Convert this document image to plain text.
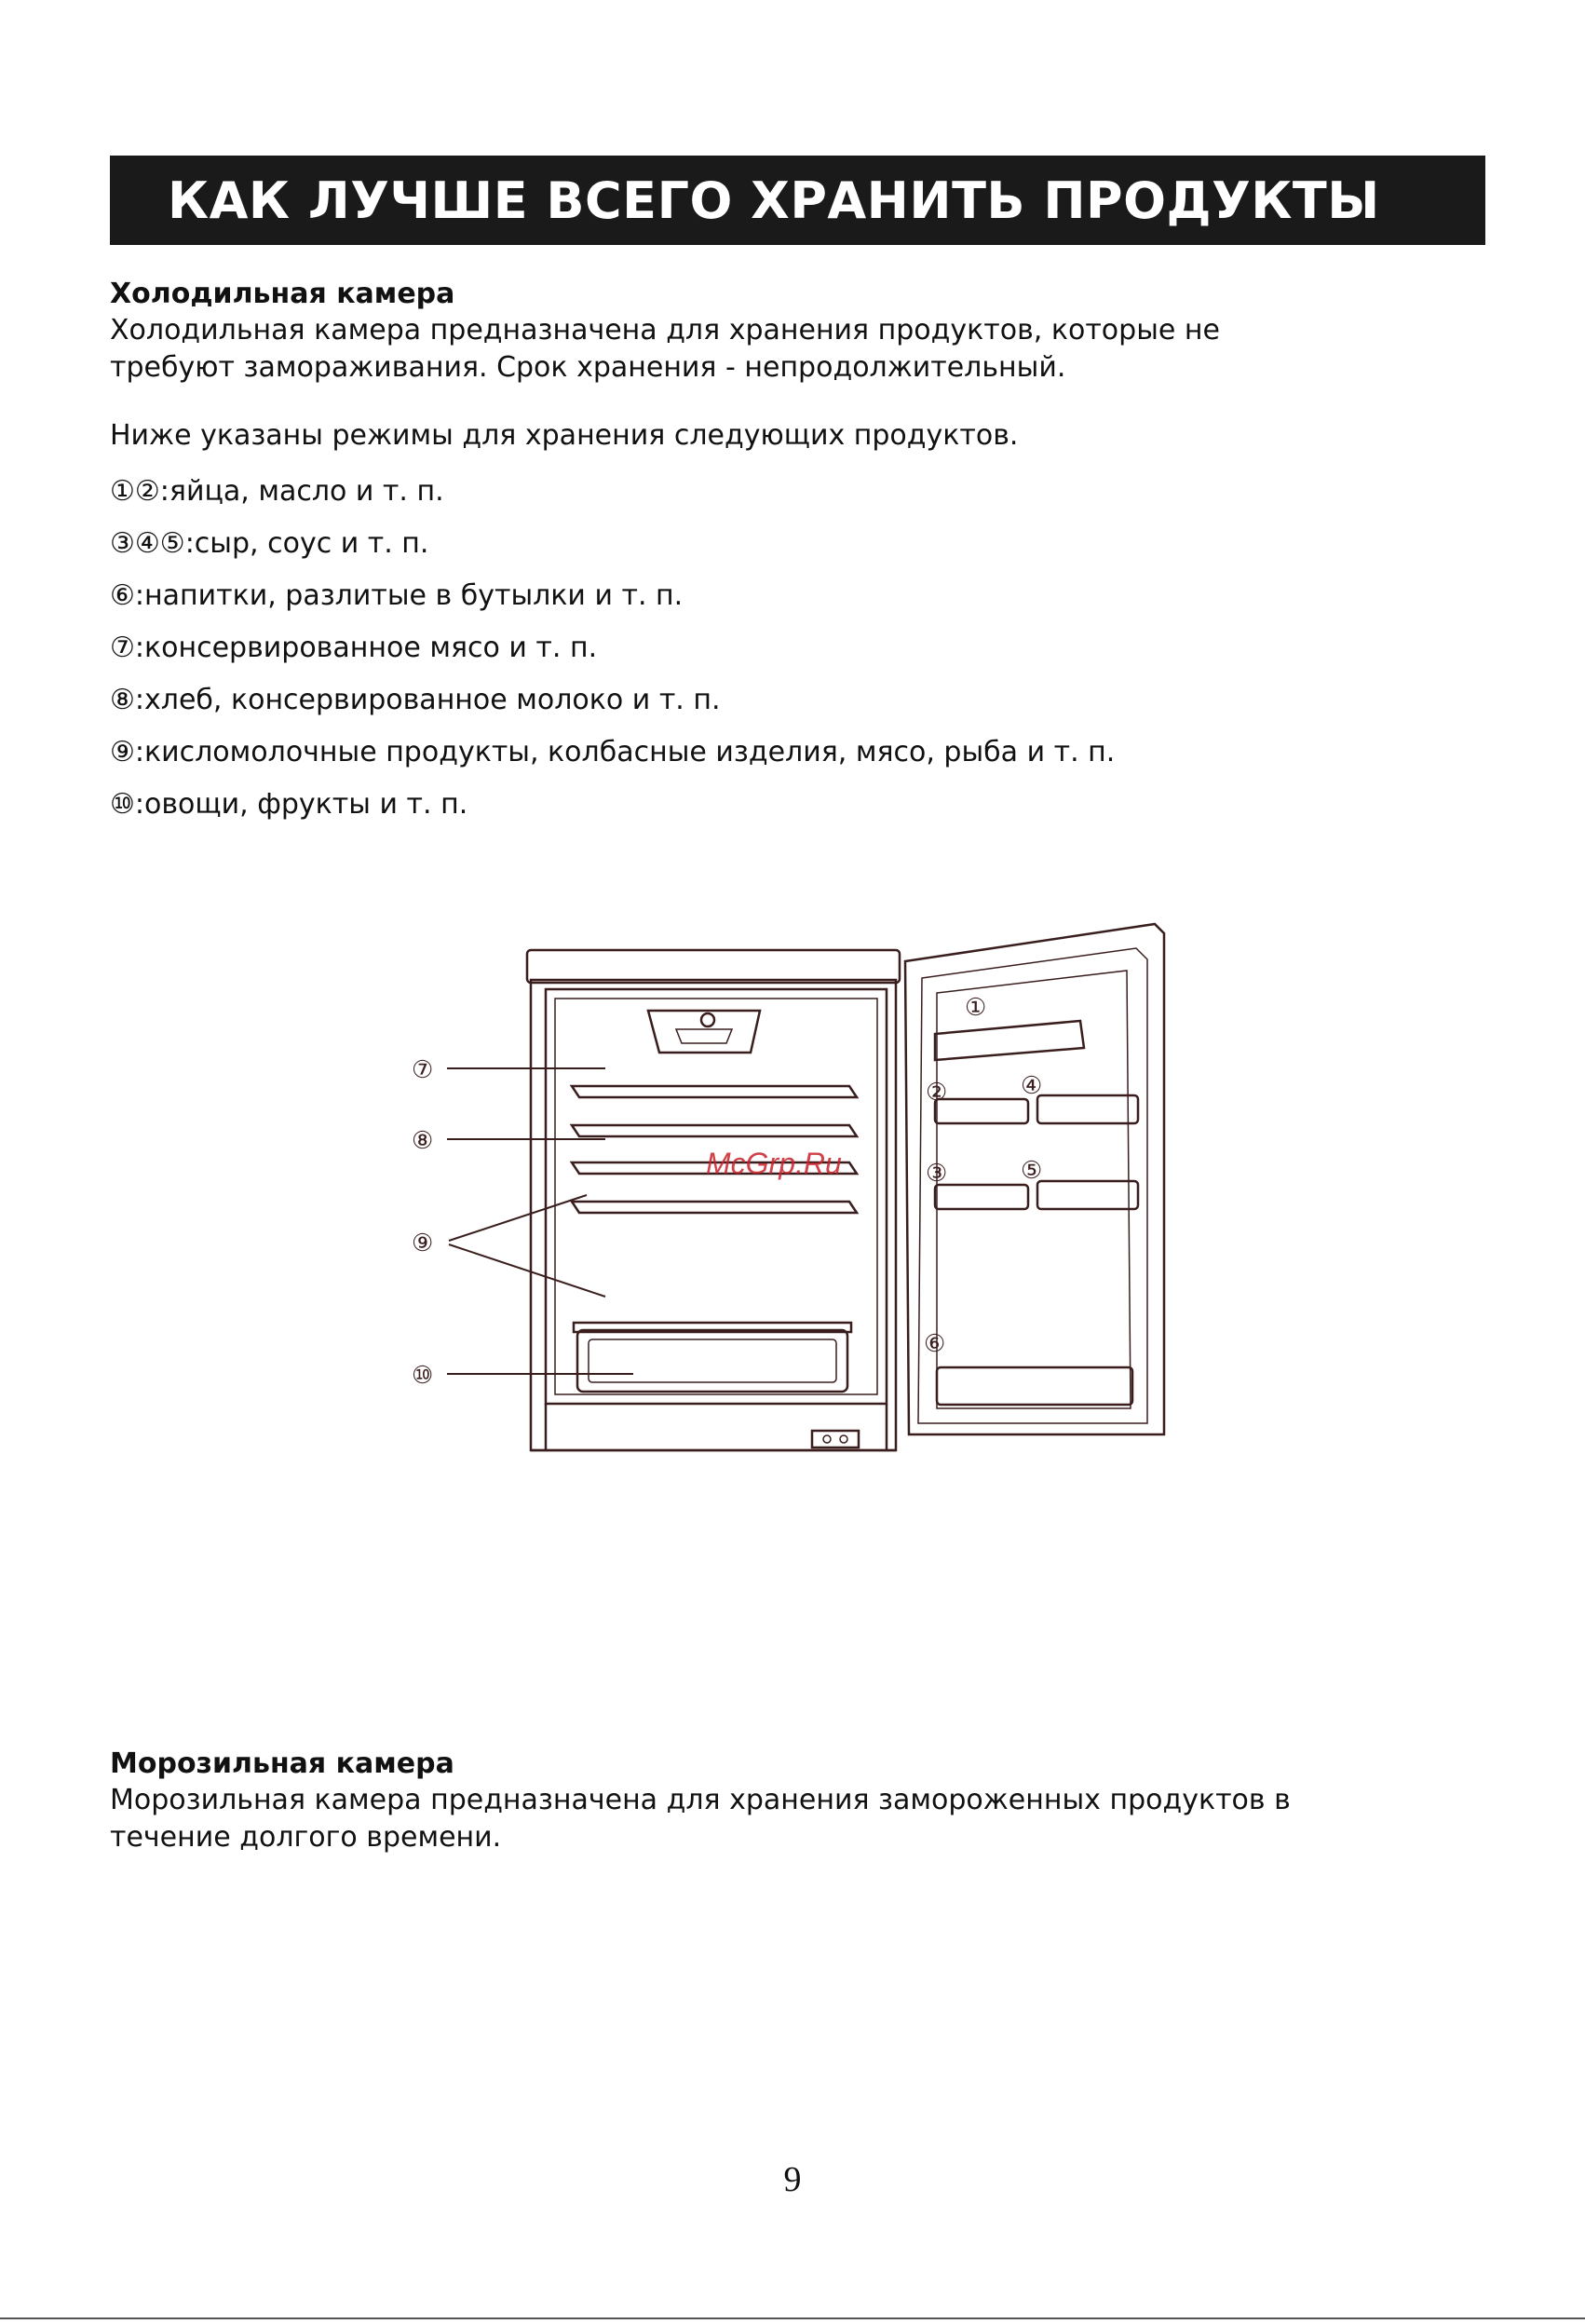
КАК ЛУЧШЕ ВСЕГО ХРАНИТЬ ПРОДУКТЫ
Холодильная камера
Холодильная камера предназначена для хранения продуктов, которые не
требуют замораживания. Срок хранения - непродолжительный.
Ниже указаны режимы для хранения следующих продуктов.
①②:яйца, масло и т. п.
③④⑤:сыр, соус и т. п.
⑥:напитки, разлитые в бутылки и т. п.
⑦:консервированное мясо и т. п.
⑧:хлеб, консервированное молоко и т. п.
⑨:кисломолочные продукты, колбасные изделия, мясо, рыба и т. п.
⑩:овощи, фрукты и т. п.
⑦
⑧
⑨
⑩
①
②	④
③	⑤
⑥
McGrp.Ru
Морозильная камера
Морозильная камера предназначена для хранения замороженных продуктов в
течение долгого времени.
9
